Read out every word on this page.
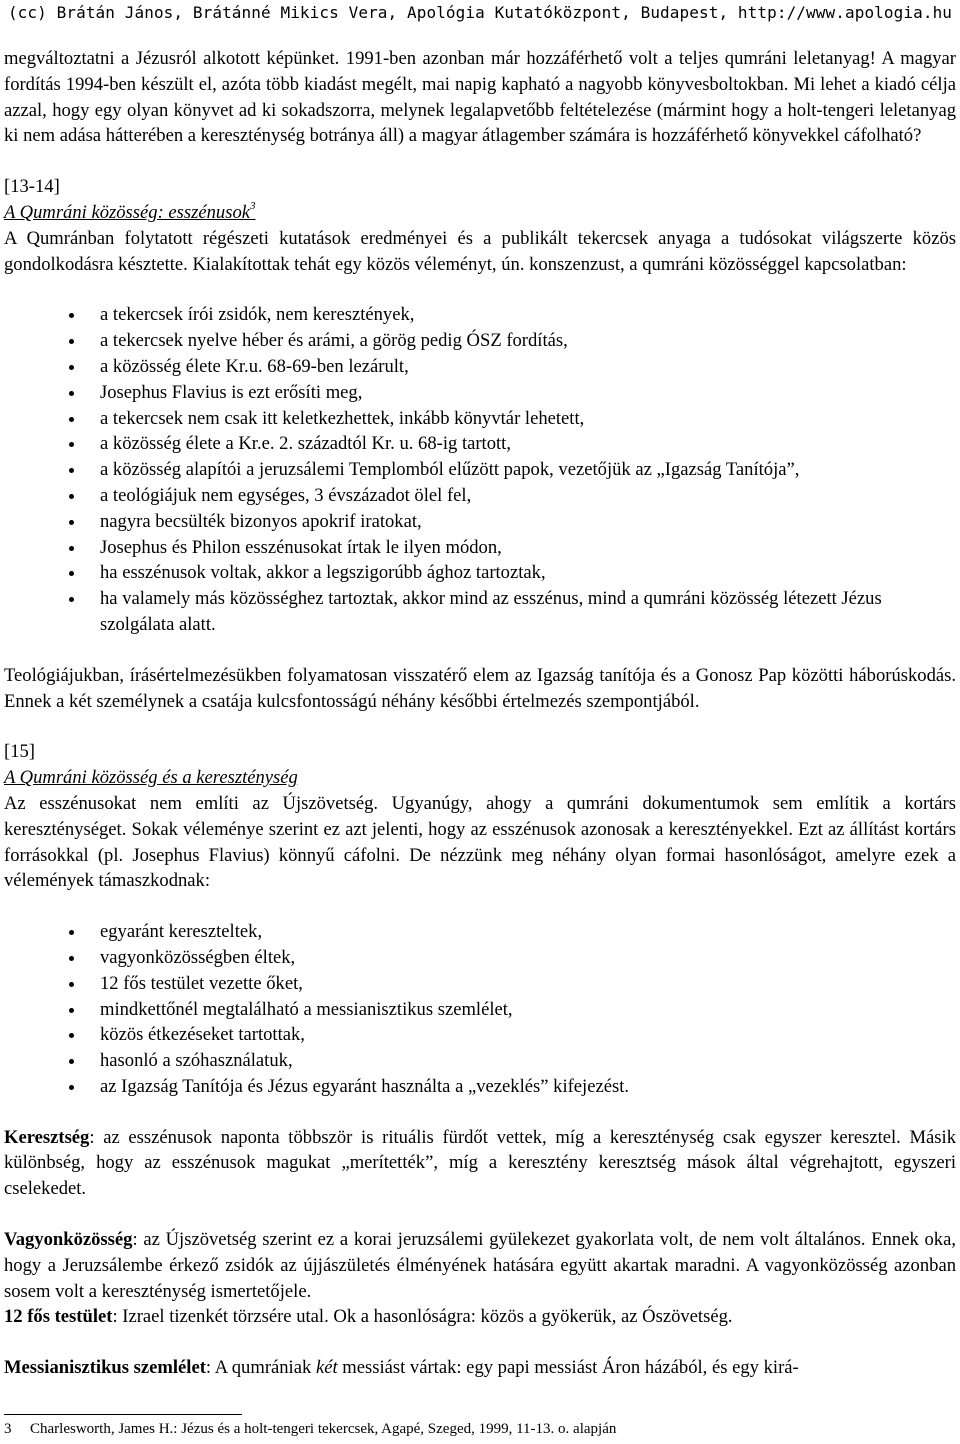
(cc) Brátán János, Brátánné Mikics Vera, Apológia Kutatóközpont, Budapest, http://www.apologia.hu

megváltoztatni a Jézusról alkotott képünket. 1991-ben azonban már hozzáférhető volt a teljes qumráni leletanyag! A magyar fordítás 1994-ben készült el, azóta több kiadást megélt, mai napig kapható a nagyobb könyvesboltokban. Mi lehet a kiadó célja azzal, hogy egy olyan könyvet ad ki sokadszorra, melynek legalapvetőbb feltételezése (mármint hogy a holt-tengeri leletanyag ki nem adása hátterében a kereszténység botránya áll) a magyar átlagember számára is hozzáférhető könyvekkel cáfolható?

[13-14]
A Qumráni közösség: esszénusok$^3$

A Qumránban folytatott régészeti kutatások eredményei és a publikált tekercsek anyaga a tudósokat világszerte közös gondolkodásra késztette. Kialakítottak tehát egy közös véleményt, ún. konszenzust, a qumráni közösséggel kapcsolatban:

a tekercsek írói zsidók, nem keresztények,
a tekercsek nyelve héber és arámi, a görög pedig ÓSZ fordítás,
a közösség élete Kr.u. 68-69-ben lezárult,
Josephus Flavius is ezt erősíti meg,
a tekercsek nem csak itt keletkezhettek, inkább könyvtár lehetett,
a közösség élete a Kr.e. 2. századtól Kr. u. 68-ig tartott,
a közösség alapítói a jeruzsálemi Templomból elűzött papok, vezetőjük az „Igazság Tanítója”,
a teológiájuk nem egységes, 3 évszázadot ölel fel,
nagyra becsülték bizonyos apokrif iratokat,
Josephus és Philon esszénusokat írtak le ilyen módon,
ha esszénusok voltak, akkor a legszigorúbb ághoz tartoztak,
ha valamely más közösséghez tartoztak, akkor mind az esszénus, mind a qumráni közösség létezett Jézus szolgálata alatt.

Teológiájukban, írásértelmezésükben folyamatosan visszatérő elem az Igazság tanítója és a Gonosz Pap közötti háborúskodás. Ennek a két személynek a csatája kulcsfontosságú néhány későbbi értelmezés szempontjából.

[15]
A Qumráni közösség és a kereszténység

Az esszénusokat nem említi az Újszövetség. Ugyanúgy, ahogy a qumráni dokumentumok sem említik a kortárs kereszténységet. Sokak véleménye szerint ez azt jelenti, hogy az esszénusok azonosak a keresztényekkel. Ezt az állítást kortárs forrásokkal (pl. Josephus Flavius) könnyű cáfolni. De nézzünk meg néhány olyan formai hasonlóságot, amelyre ezek a vélemények támaszkodnak:

egyaránt kereszteltek,
vagyonközösségben éltek,
12 fős testület vezette őket,
mindkettőnél megtalálható a messianisztikus szemlélet,
közös étkezéseket tartottak,
hasonló a szóhasználatuk,
az Igazság Tanítója és Jézus egyaránt használta a „vezeklés” kifejezést.

Keresztség: az esszénusok naponta többször is rituális fürdőt vettek, míg a kereszténység csak egyszer keresztel. Másik különbség, hogy az esszénusok magukat „merítették”, míg a keresztény keresztség mások által végrehajtott, egyszeri cselekedet.

Vagyonközösség: az Újszövetség szerint ez a korai jeruzsálemi gyülekezet gyakorlata volt, de nem volt általános. Ennek oka, hogy a Jeruzsálembe érkező zsidók az újjászületés élményének hatására együtt akartak maradni. A vagyonközösség azonban sosem volt a kereszténység ismertetőjele.

12 fős testület: Izrael tizenkét törzsére utal. Ok a hasonlóságra: közös a gyökerük, az Ószövetség.

Messianisztikus szemlélet: A qumrániak két messiást vártak: egy papi messiást Áron házából, és egy kirá-

3 Charlesworth, James H.: Jézus és a holt-tengeri tekercsek, Agapé, Szeged, 1999, 11-13. o. alapján
